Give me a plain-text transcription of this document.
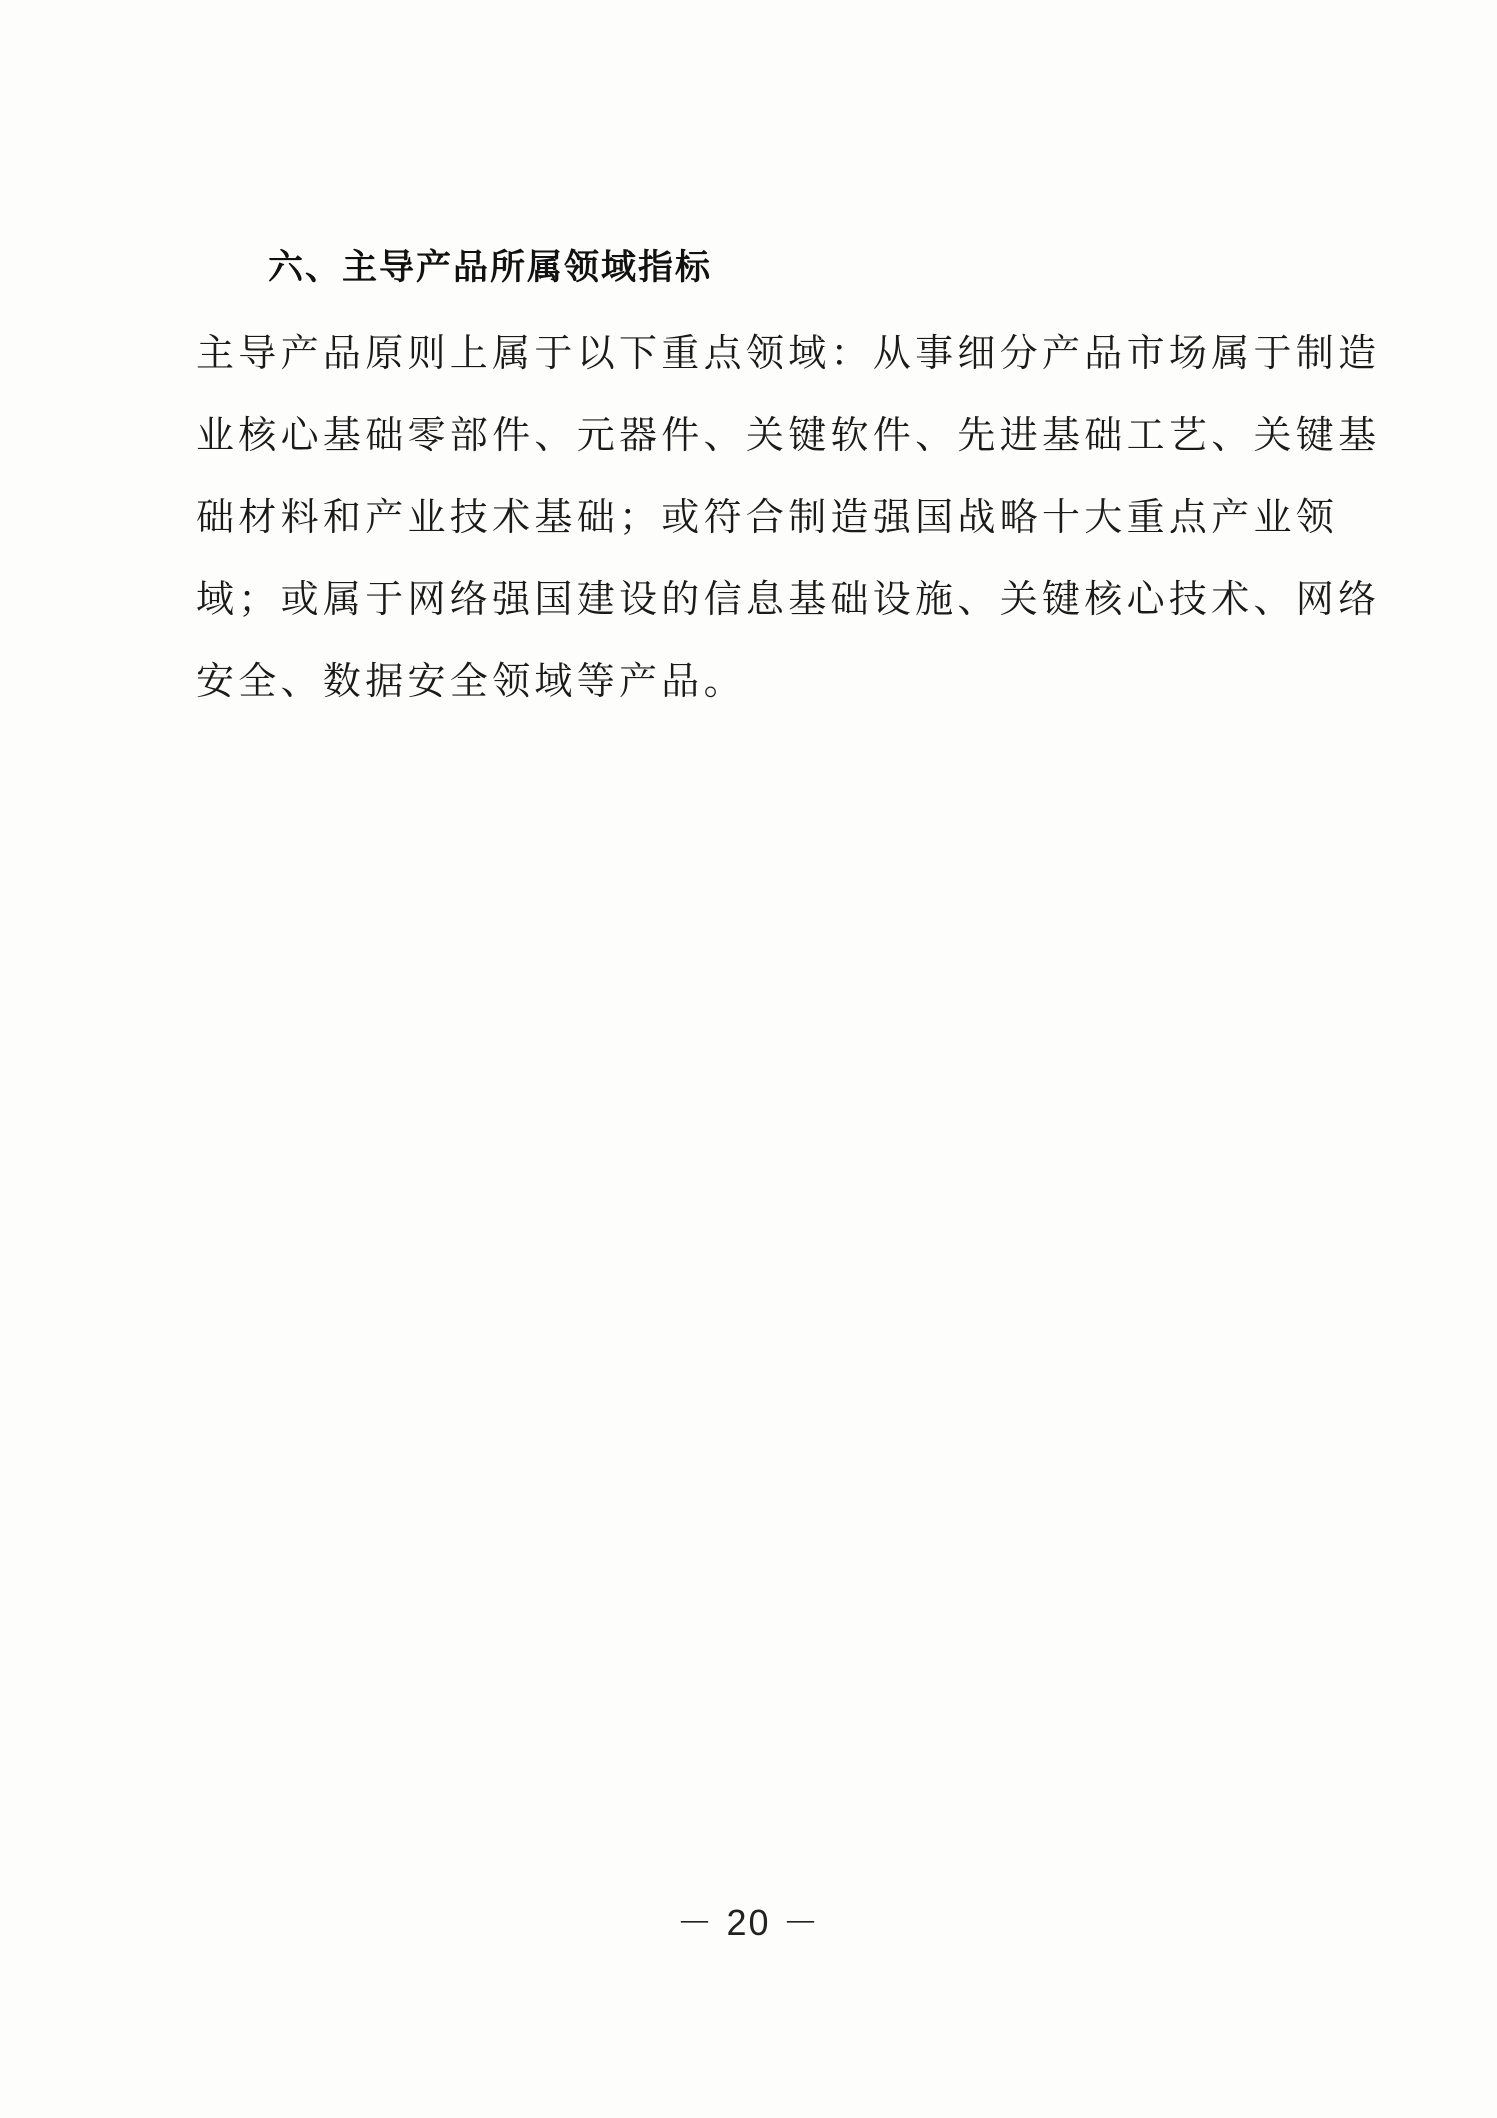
六、主导产品所属领域指标
主导产品原则上属于以下重点领域：从事细分产品市场属于制造
业核心基础零部件、元器件、关键软件、先进基础工艺、关键基
础材料和产业技术基础；或符合制造强国战略十大重点产业领
域；或属于网络强国建设的信息基础设施、关键核心技术、网络
安全、数据安全领域等产品。
－ 20 －
